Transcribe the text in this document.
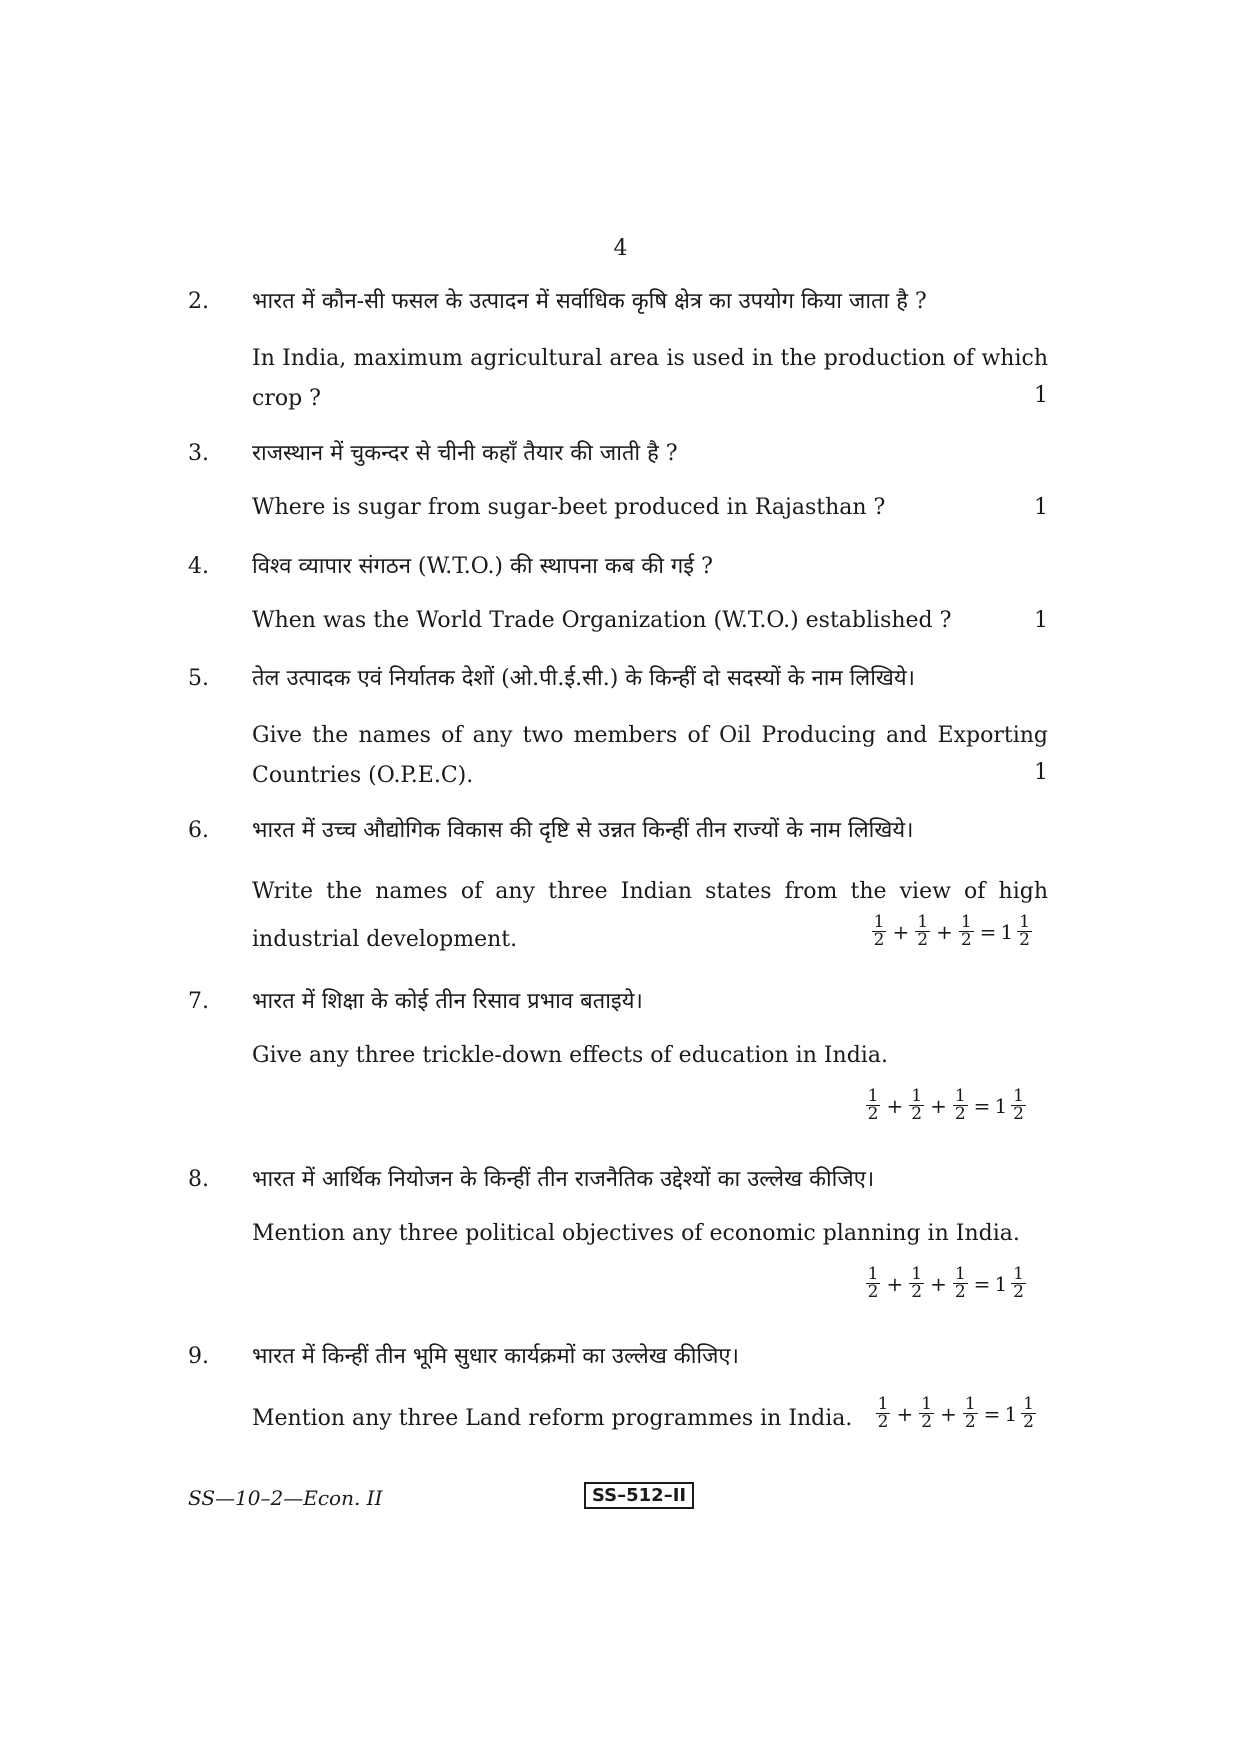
4
2. भारत में कौन-सी फसल के उत्पादन में सर्वाधिक कृषि क्षेत्र का उपयोग किया जाता है ?
In India, maximum agricultural area is used in the production of which crop ?	1
3. राजस्थान में चुकन्दर से चीनी कहाँ तैयार की जाती है ?
Where is sugar from sugar-beet produced in Rajasthan ?	1
4. विश्व व्यापार संगठन (W.T.O.) की स्थापना कब की गई ?
When was the World Trade Organization (W.T.O.) established ?	1
5. तेल उत्पादक एवं निर्यातक देशों (ओ.पी.ई.सी.) के किन्हीं दो सदस्यों के नाम लिखिये।
Give the names of any two members of Oil Producing and Exporting Countries (O.P.E.C).	1
6. भारत में उच्च औद्योगिक विकास की दृष्टि से उन्नत किन्हीं तीन राज्यों के नाम लिखिये।
Write the names of any three Indian states from the view of high industrial development.
1
$2 + \frac{1}{2} + \frac{1}{2} = 1$ 1
2
7. भारत में शिक्षा के कोई तीन रिसाव प्रभाव बताइये।
Give any three trickle-down effects of education in India.
1
$2 + \frac{1}{2} + \frac{1}{2} = 1$ 1
2
8. भारत में आर्थिक नियोजन के किन्हीं तीन राजनैतिक उद्देश्यों का उल्लेख कीजिए।
Mention any three political objectives of economic planning in India.
1
$2 + \frac{1}{2} + \frac{1}{2} = 1$ 1
2
9. भारत में किन्हीं तीन भूमि सुधार कार्यक्रमों का उल्लेख कीजिए।
Mention any three Land reform programmes in India.
1
$2 + \frac{1}{2} + \frac{1}{2} = 1$ 1
2
SS—10–2—Econ. II	SS–512–II
